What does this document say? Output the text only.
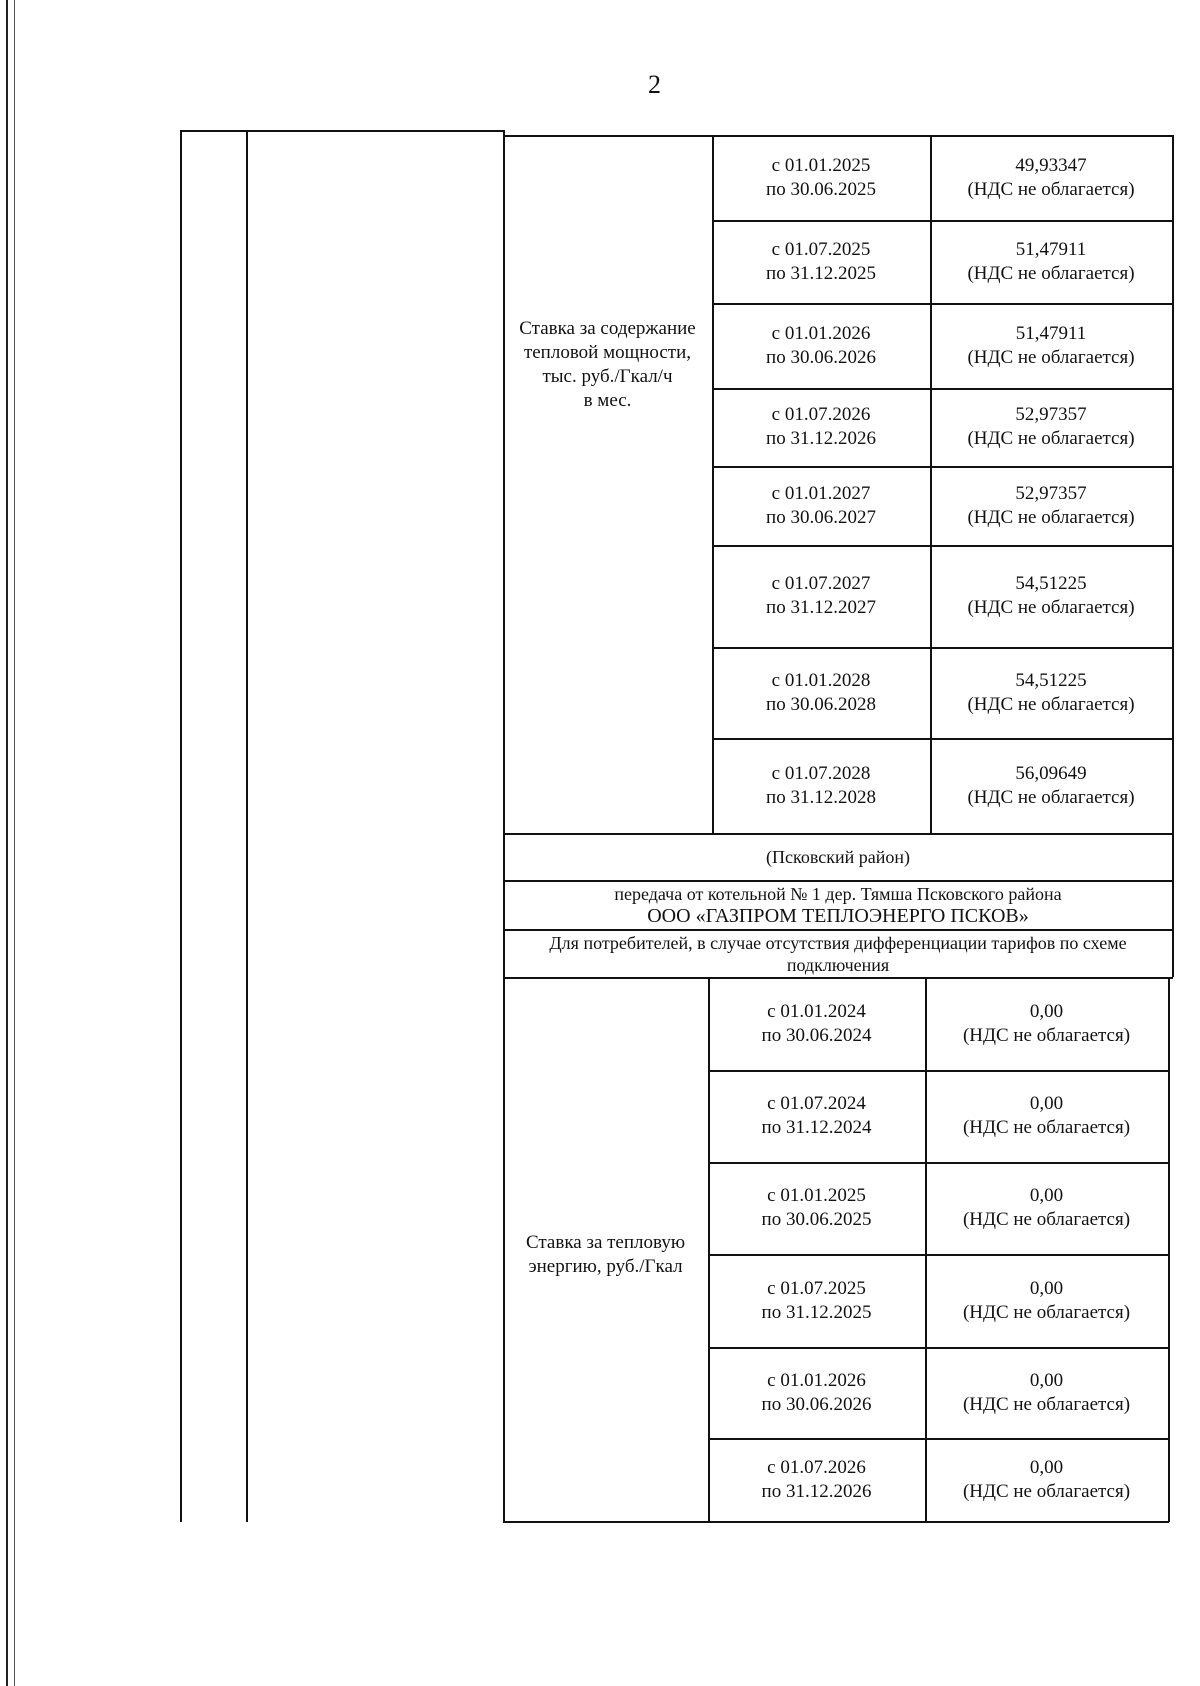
2
Ставка за содержание
тепловой мощности,
тыс. руб./Гкал/ч
в мес.
с 01.01.2025
по 30.06.2025
49,93347
(НДС не облагается)
с 01.07.2025
по 31.12.2025
51,47911
(НДС не облагается)
с 01.01.2026
по 30.06.2026
51,47911
(НДС не облагается)
с 01.07.2026
по 31.12.2026
52,97357
(НДС не облагается)
с 01.01.2027
по 30.06.2027
52,97357
(НДС не облагается)
с 01.07.2027
по 31.12.2027
54,51225
(НДС не облагается)
с 01.01.2028
по 30.06.2028
54,51225
(НДС не облагается)
с 01.07.2028
по 31.12.2028
56,09649
(НДС не облагается)
(Псковский район)
передача от котельной № 1 дер. Тямша Псковского района
ООО «ГАЗПРОМ ТЕПЛОЭНЕРГО ПСКОВ»
Для потребителей, в случае отсутствия дифференциации тарифов по схеме
подключения
Ставка за тепловую
энергию, руб./Гкал
с 01.01.2024
по 30.06.2024
0,00
(НДС не облагается)
с 01.07.2024
по 31.12.2024
0,00
(НДС не облагается)
с 01.01.2025
по 30.06.2025
0,00
(НДС не облагается)
с 01.07.2025
по 31.12.2025
0,00
(НДС не облагается)
с 01.01.2026
по 30.06.2026
0,00
(НДС не облагается)
с 01.07.2026
по 31.12.2026
0,00
(НДС не облагается)
